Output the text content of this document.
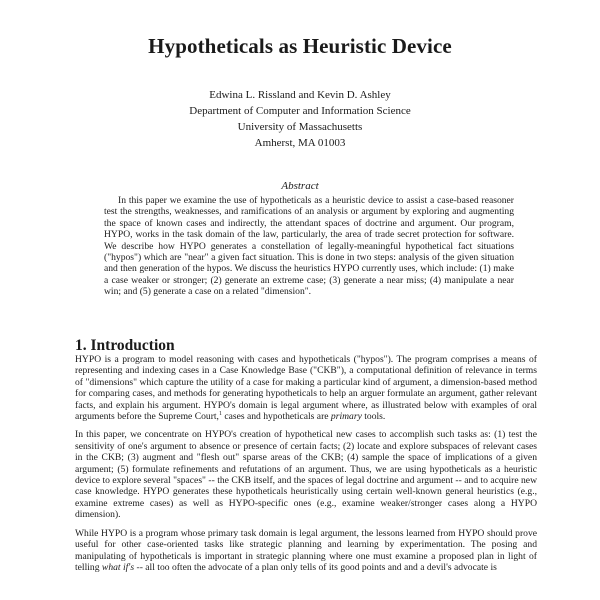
Hypotheticals as Heuristic Device
Edwina L. Rissland and Kevin D. Ashley
Department of Computer and Information Science
University of Massachusetts
Amherst, MA 01003
Abstract

In this paper we examine the use of hypotheticals as a heuristic device to assist a case-based reasoner test the strengths, weaknesses, and ramifications of an analysis or argument by exploring and augmenting the space of known cases and indirectly, the attendant spaces of doctrine and argument. Our program, HYPO, works in the task domain of the law, particularly, the area of trade secret protection for software. We describe how HYPO generates a constellation of legally-meaningful hypothetical fact situations ("hypos") which are "near" a given fact situation. This is done in two steps: analysis of the given situation and then generation of the hypos. We discuss the heuristics HYPO currently uses, which include: (1) make a case weaker or stronger; (2) generate an extreme case; (3) generate a near miss; (4) manipulate a near win; and (5) generate a case on a related "dimension".

1. Introduction

HYPO is a program to model reasoning with cases and hypotheticals ("hypos"). The program comprises a means of representing and indexing cases in a Case Knowledge Base ("CKB"), a computational definition of relevance in terms of "dimensions" which capture the utility of a case for making a particular kind of argument, a dimension-based method for comparing cases, and methods for generating hypotheticals to help an arguer formulate an argument, gather relevant facts, and explain his argument. HYPO's domain is legal argument where, as illustrated below with examples of oral arguments before the Supreme Court,$^1$ cases and hypotheticals are primary tools.

In this paper, we concentrate on HYPO's creation of hypothetical new cases to accomplish such tasks as: (1) test the sensitivity of one's argument to absence or presence of certain facts; (2) locate and explore subspaces of relevant cases in the CKB; (3) augment and "flesh out" sparse areas of the CKB; (4) sample the space of implications of a given argument; (5) formulate refinements and refutations of an argument. Thus, we are using hypotheticals as a heuristic device to explore several "spaces" -- the CKB itself, and the spaces of legal doctrine and argument -- and to acquire new case knowledge. HYPO generates these hypotheticals heuristically using certain well-known general heuristics (e.g., examine extreme cases) as well as HYPO-specific ones (e.g., examine weaker/stronger cases along a HYPO dimension).

While HYPO is a program whose primary task domain is legal argument, the lessons learned from HYPO should prove useful for other case-oriented tasks like strategic planning and learning by experimentation. The posing and manipulating of hypotheticals is important in strategic planning where one must examine a proposed plan in light of telling what if's -- all too often the advocate of a plan only tells of its good points and and a devil's advocate is
